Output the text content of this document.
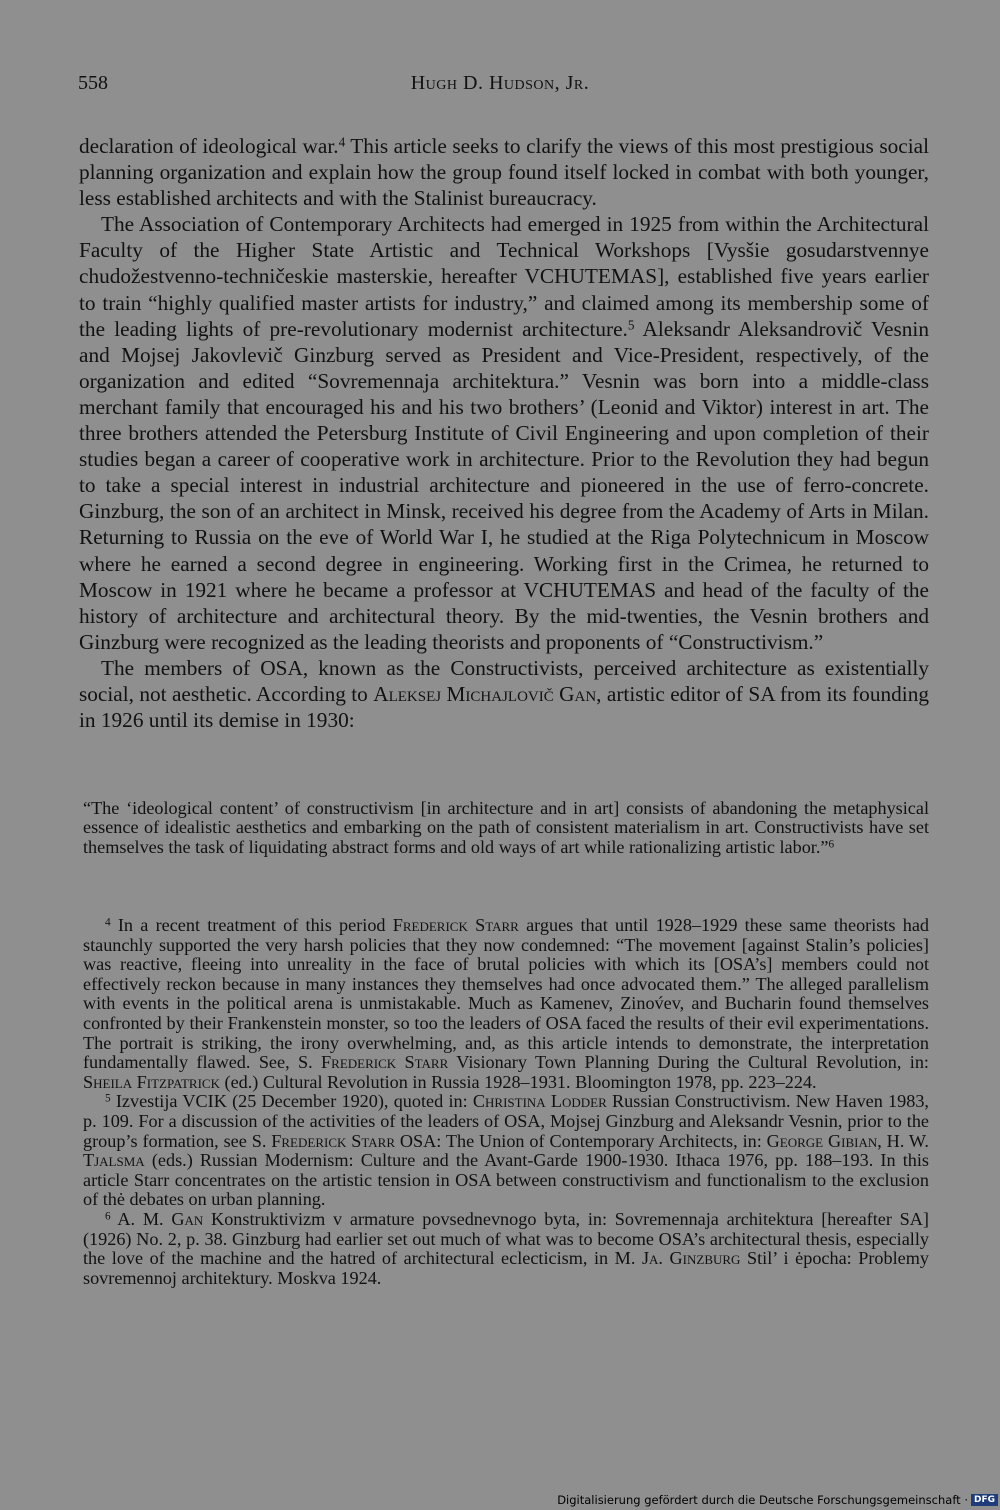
558	Hugh D. Hudson, Jr.

declaration of ideological war.$^4$ This article seeks to clarify the views of this most prestigious social planning organization and explain how the group found itself locked in combat with both younger, less established architects and with the Stalinist bureaucracy.

The Association of Contemporary Architects had emerged in 1925 from within the Architectural Faculty of the Higher State Artistic and Technical Workshops [Vysšie gosudarstvennye chudožestvenno-techničeskie masterskie, hereafter VCHUTEMAS], established five years earlier to train “highly qualified master artists for industry,” and claimed among its membership some of the leading lights of pre-revolutionary modernist architecture.$^5$ Aleksandr Aleksandrovič Vesnin and Mojsej Jakovlevič Ginzburg served as President and Vice-President, respectively, of the organization and edited “Sovremennaja architektura.” Vesnin was born into a middle-class merchant family that encouraged his and his two brothers’ (Leonid and Viktor) interest in art. The three brothers attended the Petersburg Institute of Civil Engineering and upon completion of their studies began a career of cooperative work in architecture. Prior to the Revolution they had begun to take a special interest in industrial architecture and pioneered in the use of ferro-concrete. Ginzburg, the son of an architect in Minsk, received his degree from the Academy of Arts in Milan. Returning to Russia on the eve of World War I, he studied at the Riga Polytechnicum in Moscow where he earned a second degree in engineering. Working first in the Crimea, he returned to Moscow in 1921 where he became a professor at VCHUTEMAS and head of the faculty of the history of architecture and architectural theory. By the mid-twenties, the Vesnin brothers and Ginzburg were recognized as the leading theorists and proponents of “Constructivism.”

The members of OSA, known as the Constructivists, perceived architecture as existentially social, not aesthetic. According to Aleksej Michajlovič Gan, artistic editor of SA from its founding in 1926 until its demise in 1930:

“The ‘ideological content’ of constructivism [in architecture and in art] consists of abandoning the metaphysical essence of idealistic aesthetics and embarking on the path of consistent materialism in art. Constructivists have set themselves the task of liquidating abstract forms and old ways of art while rationalizing artistic labor.”$^6$

$^4$ In a recent treatment of this period Frederick Starr argues that until 1928–1929 these same theorists had staunchly supported the very harsh policies that they now condemned: “The movement [against Stalin’s policies] was reactive, fleeing into unreality in the face of brutal policies with which its [OSA’s] members could not effectively reckon because in many instances they themselves had once advocated them.” The alleged parallelism with events in the political arena is unmistakable. Much as Kamenev, Zinov́ev, and Bucharin found themselves confronted by their Frankenstein monster, so too the leaders of OSA faced the results of their evil experimentations. The portrait is striking, the irony overwhelming, and, as this article intends to demonstrate, the interpretation fundamentally flawed. See, S. Frederick Starr Visionary Town Planning During the Cultural Revolution, in: Sheila Fitzpatrick (ed.) Cultural Revolution in Russia 1928–1931. Bloomington 1978, pp. 223–224.

$^5$ Izvestija VCIK (25 December 1920), quoted in: Christina Lodder Russian Constructivism. New Haven 1983, p. 109. For a discussion of the activities of the leaders of OSA, Mojsej Ginzburg and Aleksandr Vesnin, prior to the group’s formation, see S. Frederick Starr OSA: The Union of Contemporary Architects, in: George Gibian, H. W. Tjalsma (eds.) Russian Modernism: Culture and the Avant-Garde 1900-1930. Ithaca 1976, pp. 188–193. In this article Starr concentrates on the artistic tension in OSA between constructivism and functionalism to the exclusion of thė debates on urban planning.

$^6$ A. M. Gan Konstruktivizm v armature povsednevnogo byta, in: Sovremennaja architektura [hereafter SA] (1926) No. 2, p. 38. Ginzburg had earlier set out much of what was to become OSA’s architectural thesis, especially the love of the machine and the hatred of architectural eclecticism, in M. Ja. Ginzburg Stil’ i ėpocha: Problemy sovremennoj architektury. Moskva 1924.

Digitalisierung gefördert durch die Deutsche Forschungsgemeinschaft · DFG
